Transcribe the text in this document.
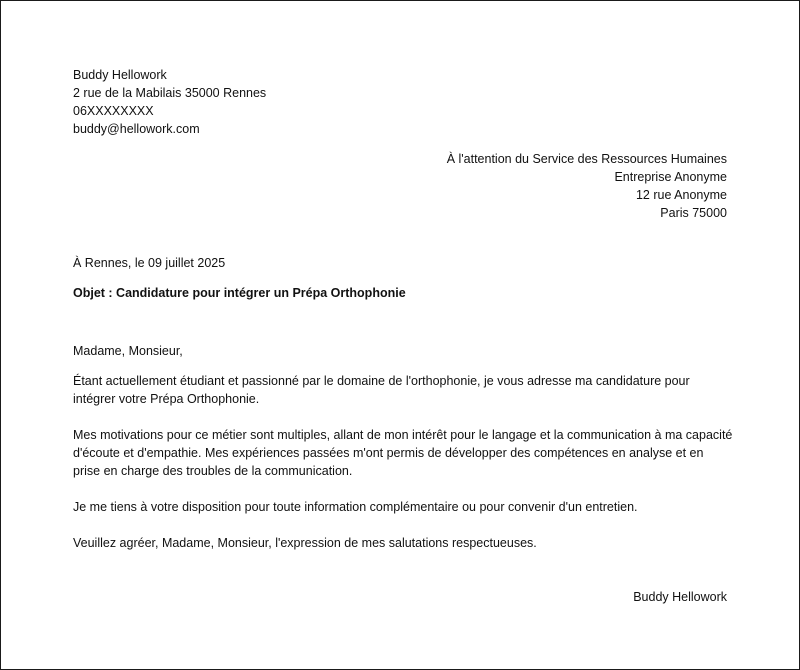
Buddy Hellowork
2 rue de la Mabilais 35000 Rennes
06XXXXXXXX
buddy@hellowork.com
À l'attention du Service des Ressources Humaines
Entreprise Anonyme
12 rue Anonyme
Paris 75000
À Rennes, le 09 juillet 2025
Objet : Candidature pour intégrer un Prépa Orthophonie
Madame, Monsieur,
Étant actuellement étudiant et passionné par le domaine de l'orthophonie, je vous adresse ma candidature pour intégrer votre Prépa Orthophonie.
Mes motivations pour ce métier sont multiples, allant de mon intérêt pour le langage et la communication à ma capacité d'écoute et d'empathie. Mes expériences passées m'ont permis de développer des compétences en analyse et en prise en charge des troubles de la communication.
Je me tiens à votre disposition pour toute information complémentaire ou pour convenir d'un entretien.
Veuillez agréer, Madame, Monsieur, l'expression de mes salutations respectueuses.
Buddy Hellowork
